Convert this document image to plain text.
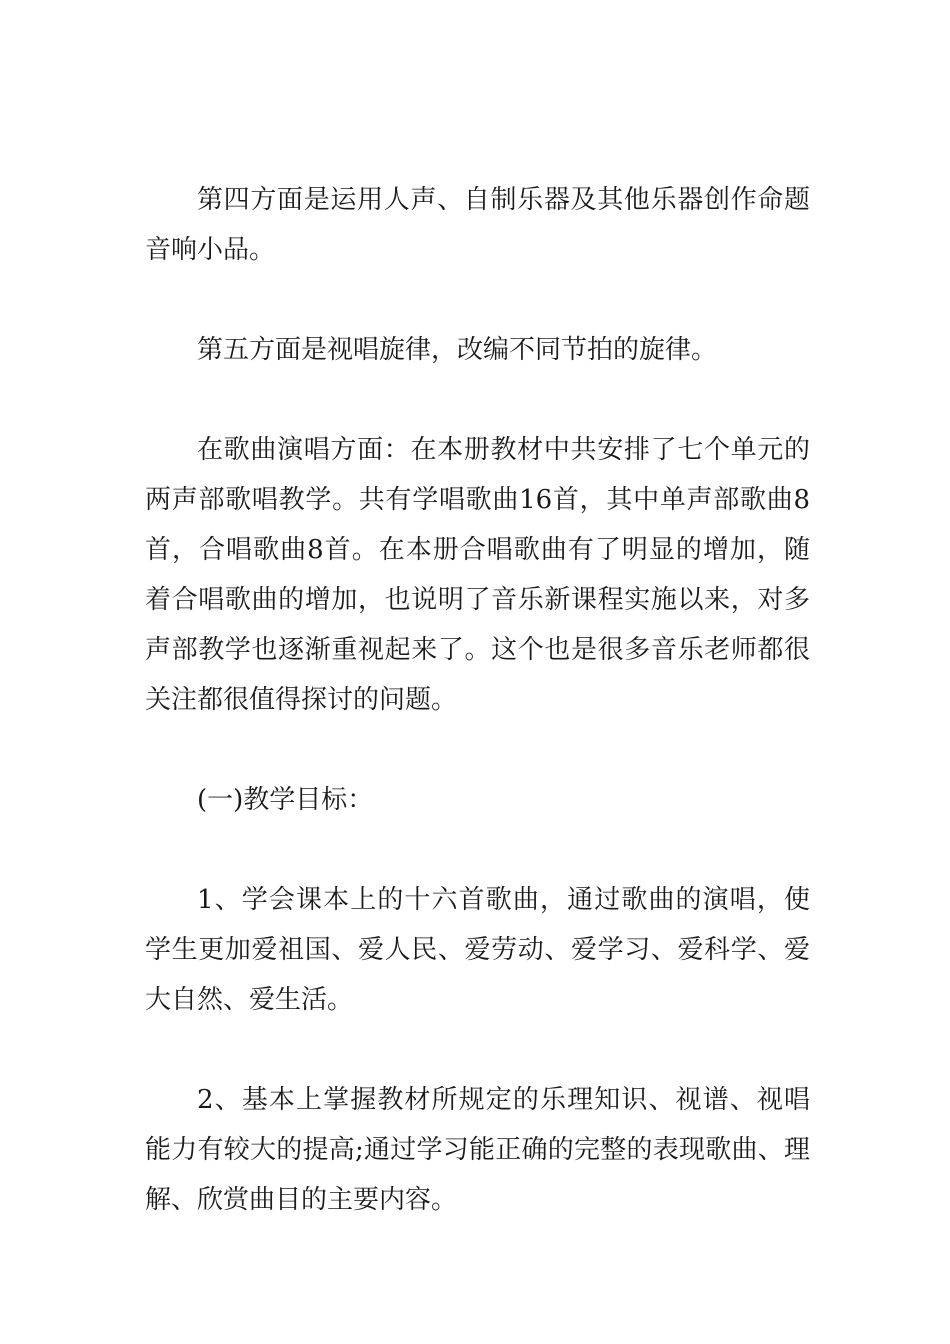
第四方面是运用人声、自制乐器及其他乐器创作命题音响小品。

第五方面是视唱旋律，改编不同节拍的旋律。

在歌曲演唱方面：在本册教材中共安排了七个单元的两声部歌唱教学。共有学唱歌曲16首，其中单声部歌曲8首，合唱歌曲8首。在本册合唱歌曲有了明显的增加，随着合唱歌曲的增加，也说明了音乐新课程实施以来，对多声部教学也逐渐重视起来了。这个也是很多音乐老师都很关注都很值得探讨的问题。

(一)教学目标：

1、学会课本上的十六首歌曲，通过歌曲的演唱，使学生更加爱祖国、爱人民、爱劳动、爱学习、爱科学、爱大自然、爱生活。

2、基本上掌握教材所规定的乐理知识、视谱、视唱能力有较大的提高;通过学习能正确的完整的表现歌曲、理解、欣赏曲目的主要内容。
